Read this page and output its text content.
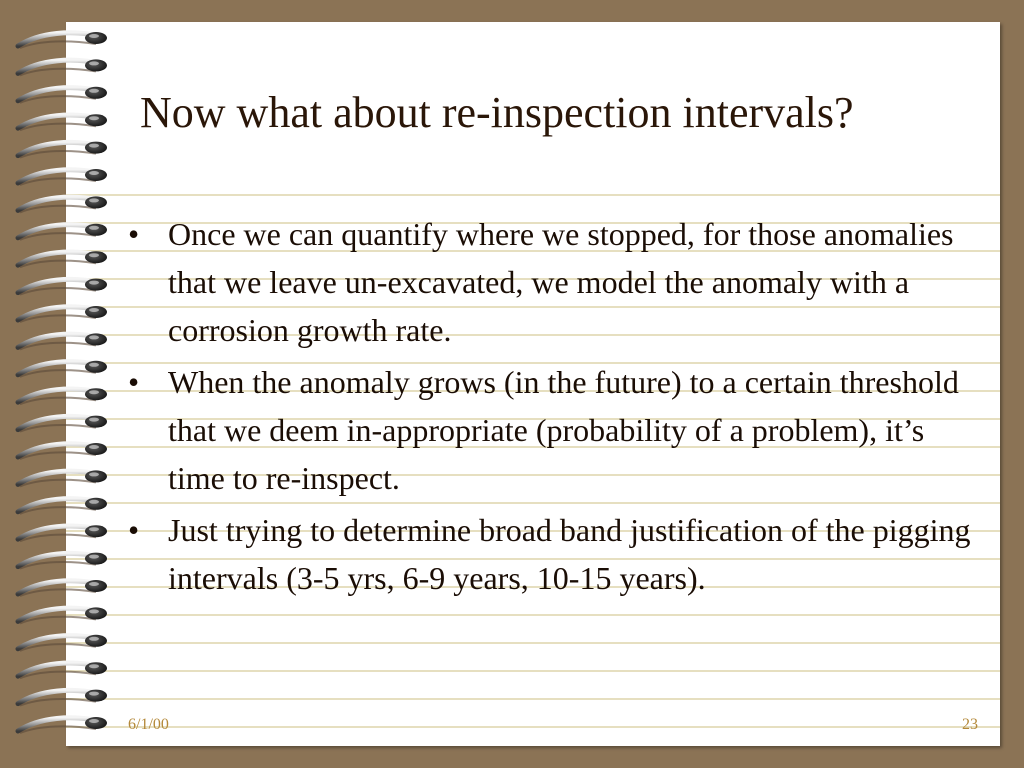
Now what about re-inspection intervals?
• Once we can quantify where we stopped, for those anomalies that we leave un-excavated, we model the anomaly with a corrosion growth rate.
• When the anomaly grows (in the future) to a certain threshold that we deem in-appropriate (probability of a problem), it’s time to re-inspect.
• Just trying to determine broad band justification of the pigging intervals (3-5 yrs, 6-9 years, 10-15 years).
6/1/00	23
